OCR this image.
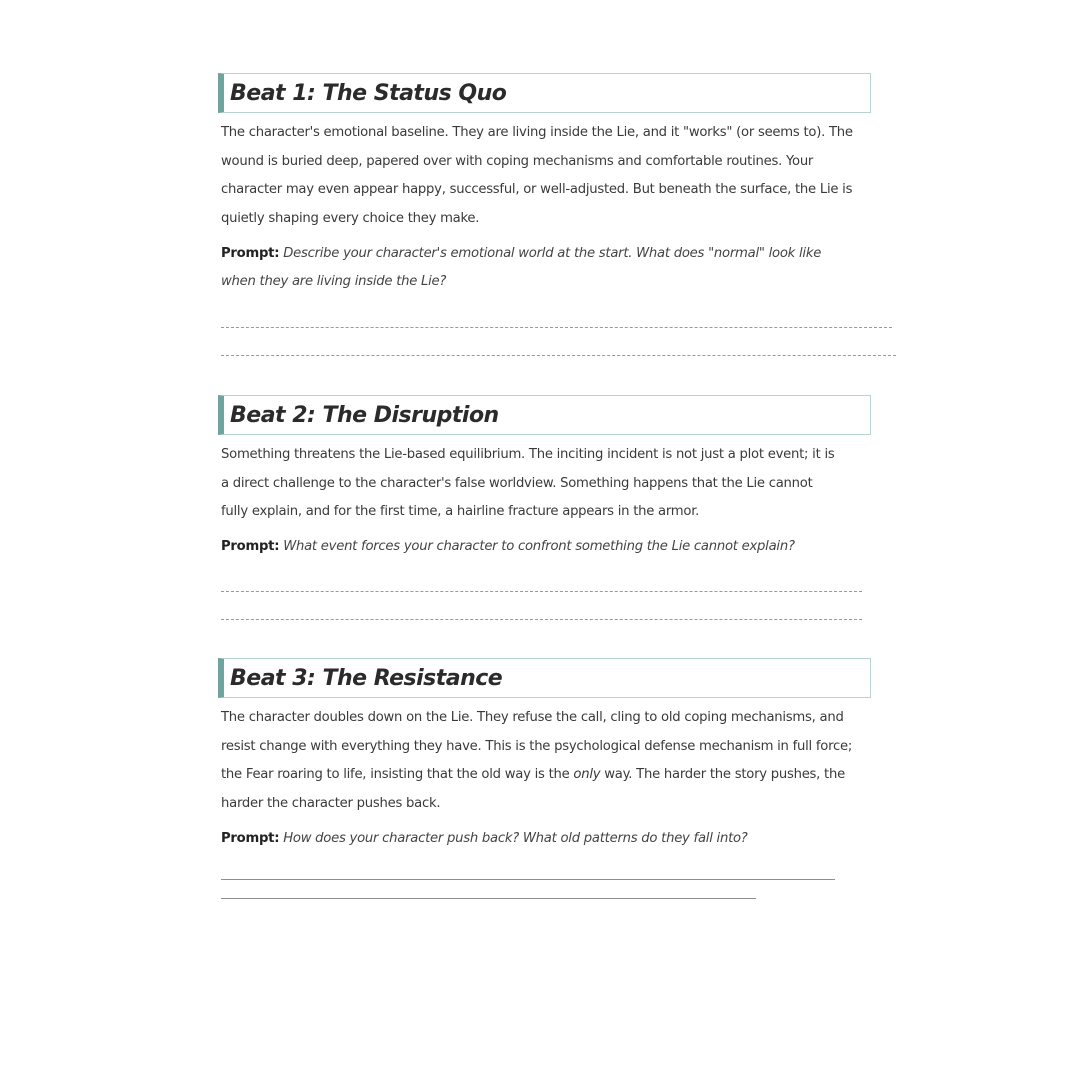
Beat 1: The Status Quo

The character's emotional baseline. They are living inside the Lie, and it "works" (or seems to). The wound is buried deep, papered over with coping mechanisms and comfortable routines. Your character may even appear happy, successful, or well-adjusted. But beneath the surface, the Lie is quietly shaping every choice they make.

Prompt: Describe your character's emotional world at the start. What does "normal" look like when they are living inside the Lie?

Beat 2: The Disruption

Something threatens the Lie-based equilibrium. The inciting incident is not just a plot event; it is a direct challenge to the character's false worldview. Something happens that the Lie cannot fully explain, and for the first time, a hairline fracture appears in the armor.

Prompt: What event forces your character to confront something the Lie cannot explain?

Beat 3: The Resistance

The character doubles down on the Lie. They refuse the call, cling to old coping mechanisms, and resist change with everything they have. This is the psychological defense mechanism in full force; the Fear roaring to life, insisting that the old way is the only way. The harder the story pushes, the harder the character pushes back.

Prompt: How does your character push back? What old patterns do they fall into?
